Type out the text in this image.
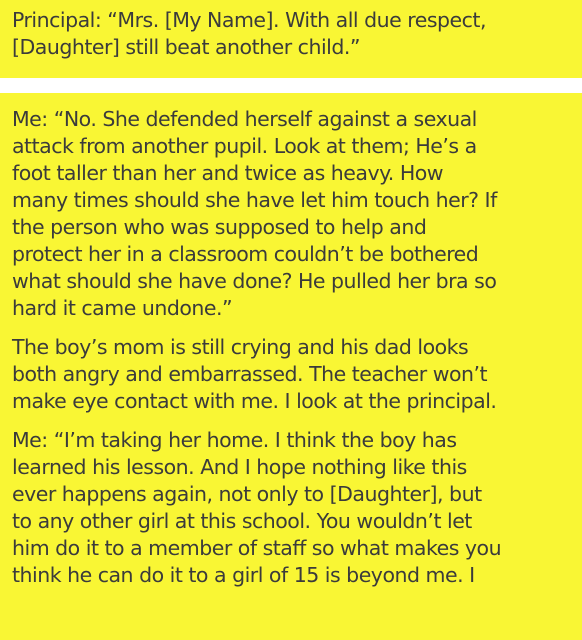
Principal: “Mrs. [My Name]. With all due respect,
[Daughter] still beat another child.”

Me: “No. She defended herself against a sexual
attack from another pupil. Look at them; He’s a
foot taller than her and twice as heavy. How
many times should she have let him touch her? If
the person who was supposed to help and
protect her in a classroom couldn’t be bothered
what should she have done? He pulled her bra so
hard it came undone.”

The boy’s mom is still crying and his dad looks
both angry and embarrassed. The teacher won’t
make eye contact with me. I look at the principal.

Me: “I’m taking her home. I think the boy has
learned his lesson. And I hope nothing like this
ever happens again, not only to [Daughter], but
to any other girl at this school. You wouldn’t let
him do it to a member of staff so what makes you
think he can do it to a girl of 15 is beyond me. I
